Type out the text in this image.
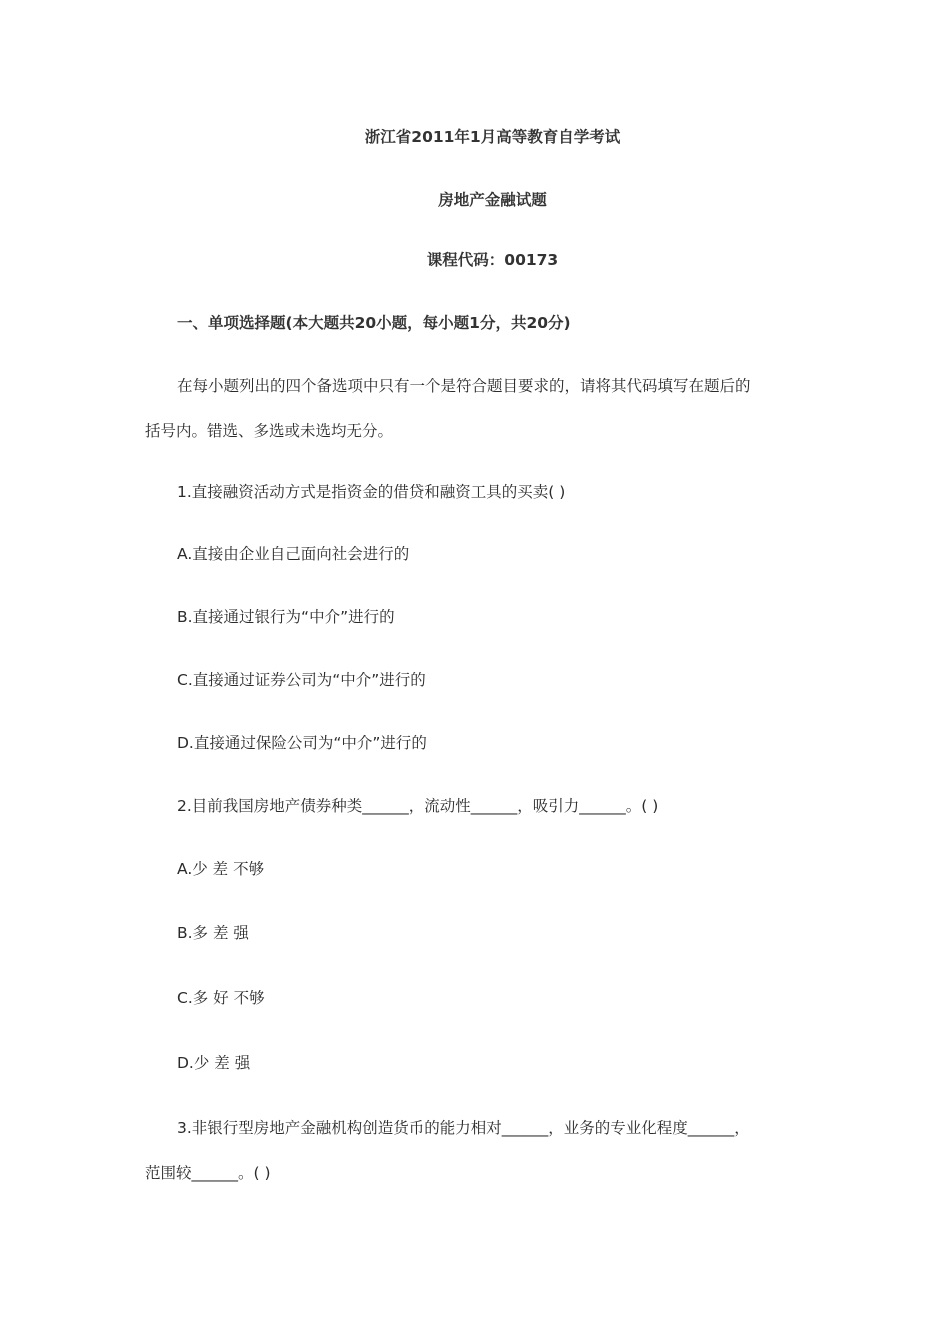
浙江省2011年1月高等教育自学考试
房地产金融试题
课程代码：00173
一、单项选择题(本大题共20小题，每小题1分，共20分)
在每小题列出的四个备选项中只有一个是符合题目要求的，请将其代码填写在题后的
括号内。错选、多选或未选均无分。
1.直接融资活动方式是指资金的借贷和融资工具的买卖( )
A.直接由企业自己面向社会进行的
B.直接通过银行为“中介”进行的
C.直接通过证券公司为“中介”进行的
D.直接通过保险公司为“中介”进行的
2.目前我国房地产债券种类______，流动性______，吸引力______。( )
A.少 差 不够
B.多 差 强
C.多 好 不够
D.少 差 强
3.非银行型房地产金融机构创造货币的能力相对______，业务的专业化程度______，
范围较______。( )
